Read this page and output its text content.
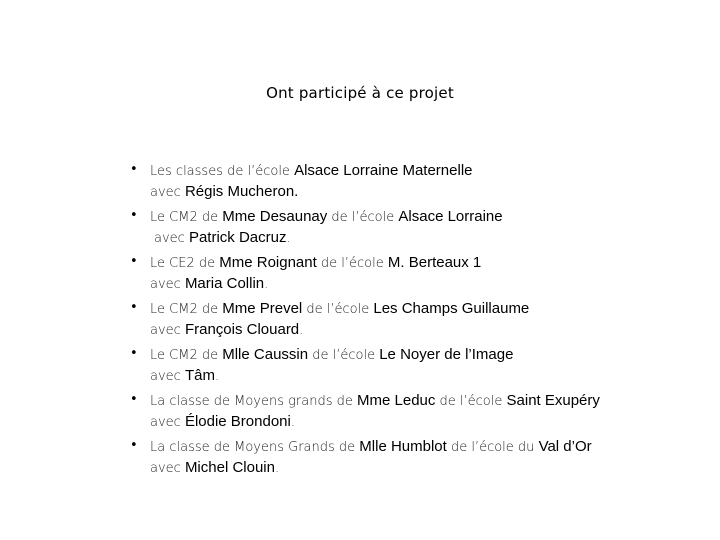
Ont participé à ce projet
• Les classes de l’école Alsace Lorraine Maternelle
avec Régis Mucheron.
• Le CM2 de Mme Desaunay de l’école Alsace Lorraine
avec Patrick Dacruz.
• Le CE2 de Mme Roignant de l’école M. Berteaux 1
avec Maria Collin.
• Le CM2 de Mme Prevel de l’école Les Champs Guillaume
avec François Clouard.
• Le CM2 de Mlle Caussin de l’école Le Noyer de l’Image
avec Tâm.
• La classe de Moyens grands de Mme Leduc de l’école Saint Exupéry
avec Élodie Brondoni.
• La classe de Moyens Grands de Mlle Humblot de l’école du Val d’Or
avec Michel Clouin.
